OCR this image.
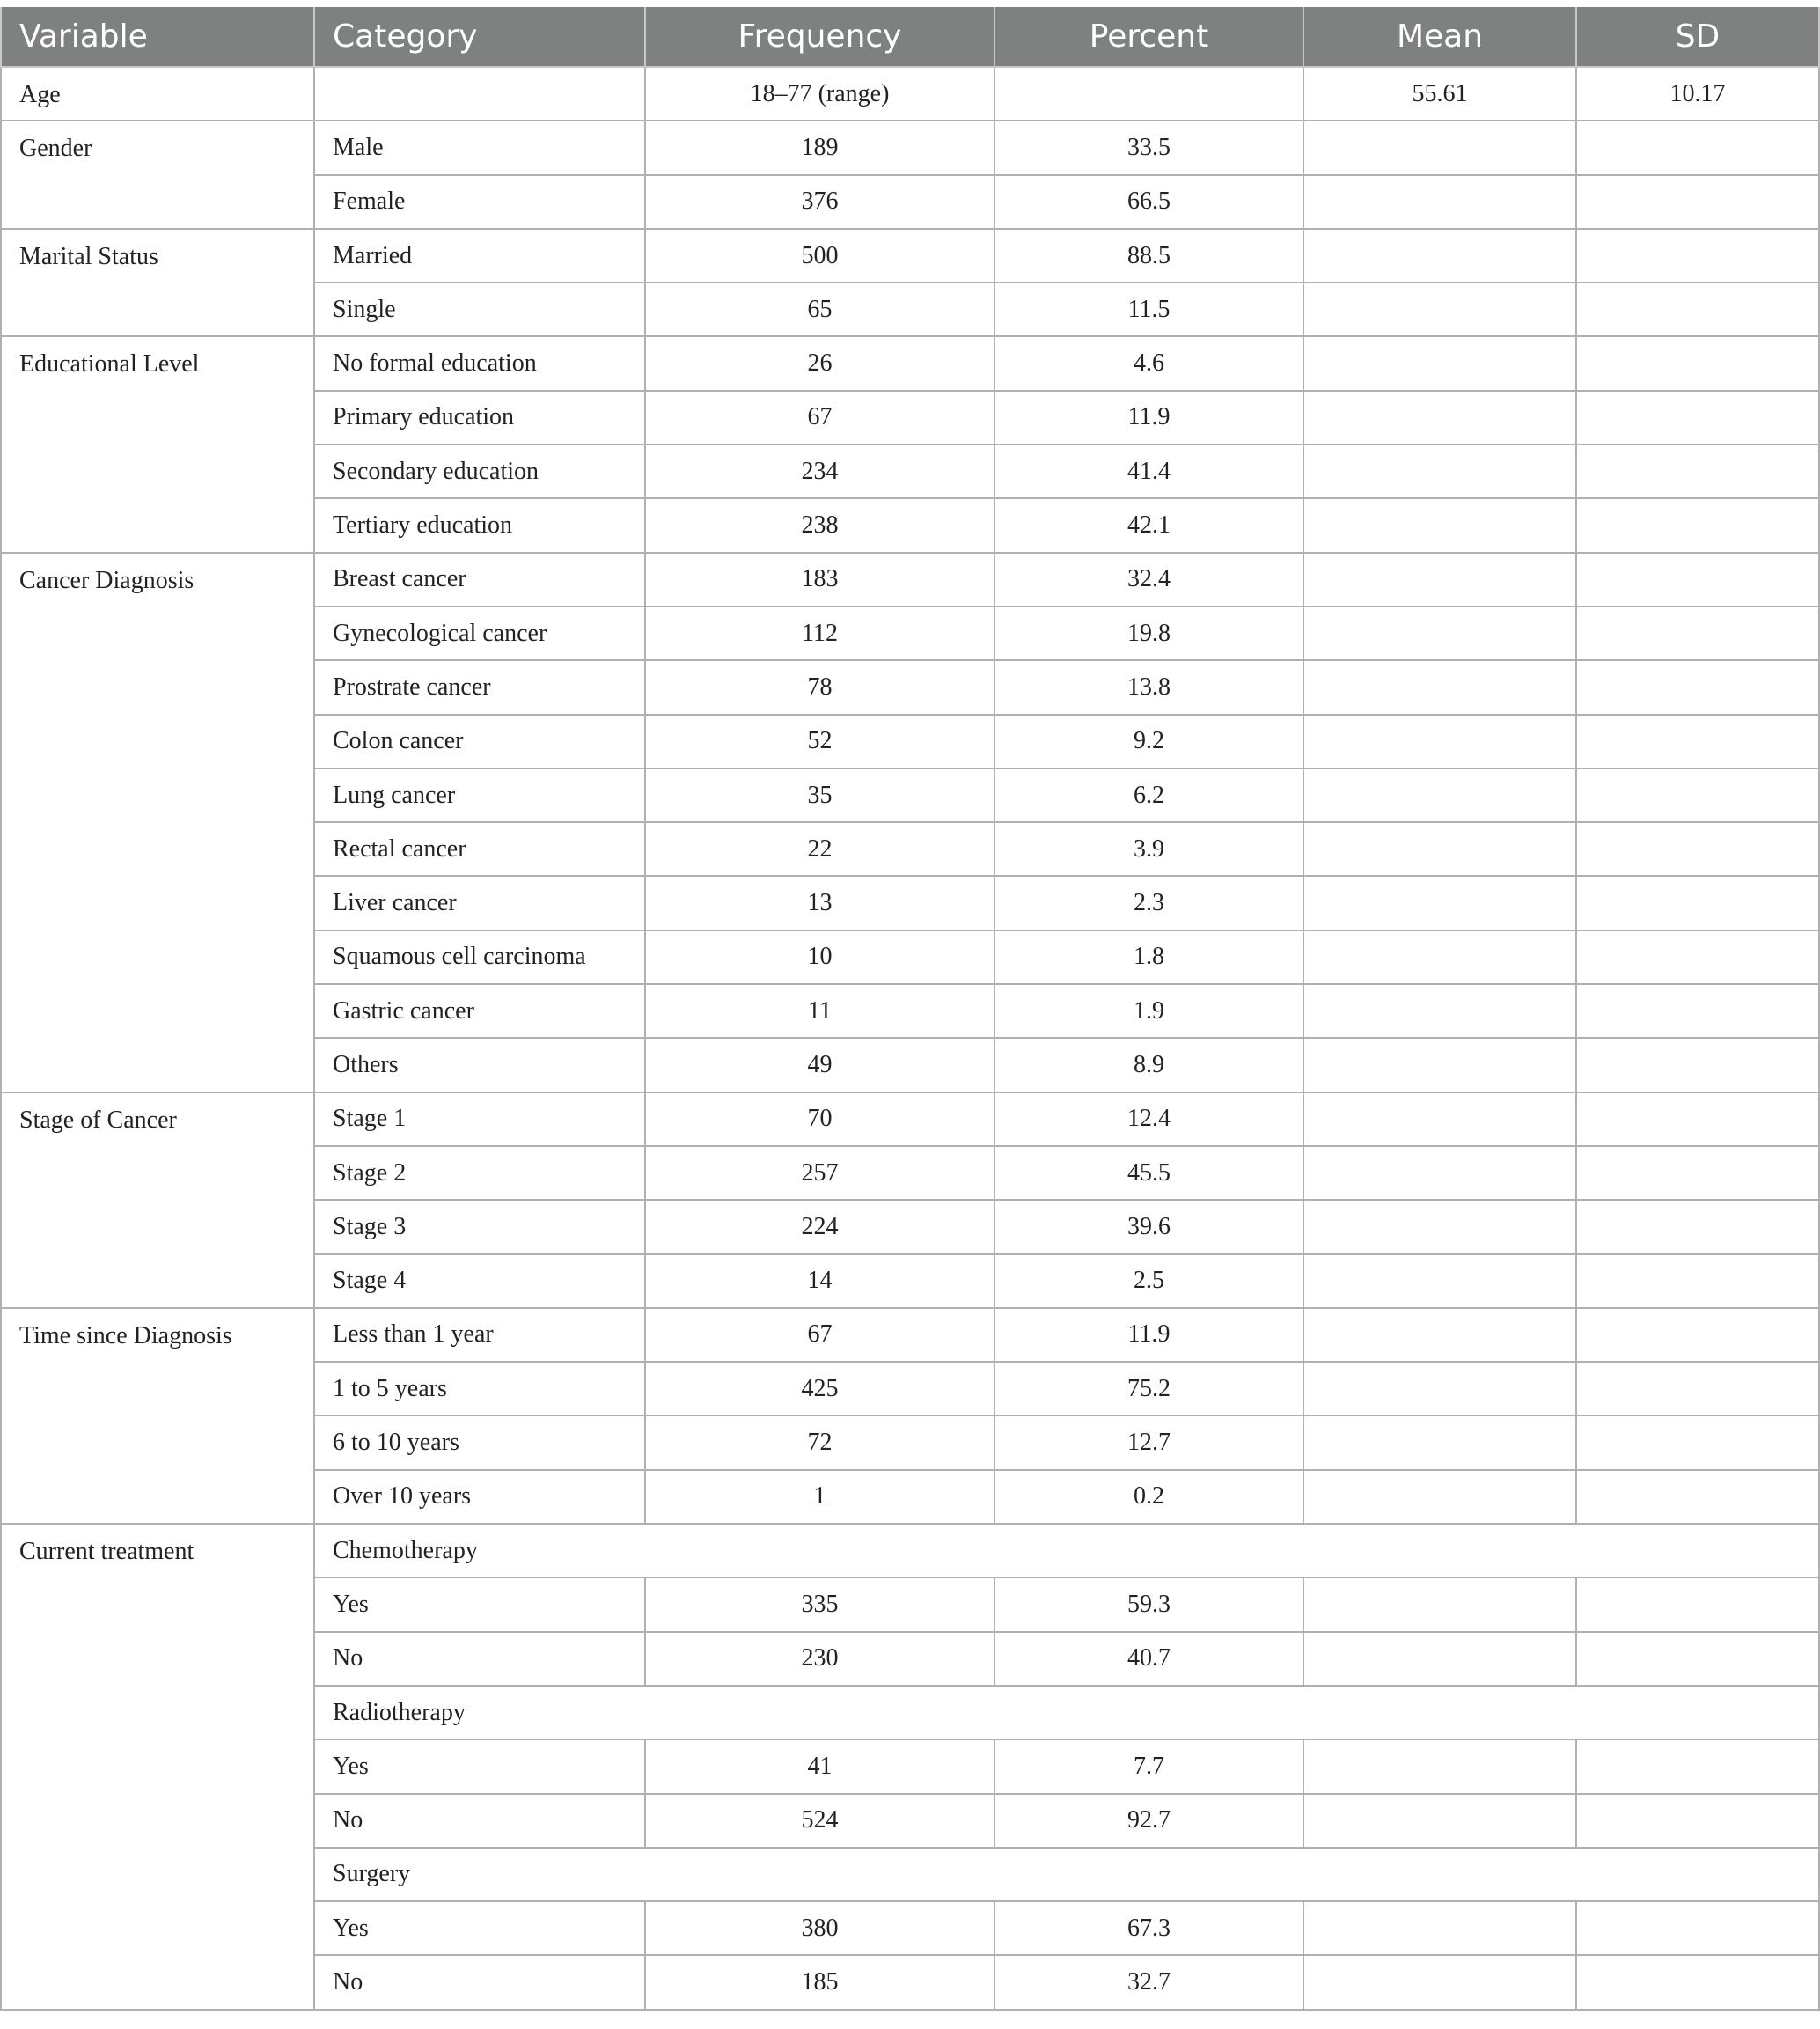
Variable	Category	Frequency	Percent	Mean	SD
Age		18–77 (range)		55.61	10.17
Gender	Male	189	33.5		
	Female	376	66.5		
Marital Status	Married	500	88.5		
	Single	65	11.5		
Educational Level	No formal education	26	4.6		
	Primary education	67	11.9		
	Secondary education	234	41.4		
	Tertiary education	238	42.1		
Cancer Diagnosis	Breast cancer	183	32.4		
	Gynecological cancer	112	19.8		
	Prostrate cancer	78	13.8		
	Colon cancer	52	9.2		
	Lung cancer	35	6.2		
	Rectal cancer	22	3.9		
	Liver cancer	13	2.3		
	Squamous cell carcinoma	10	1.8		
	Gastric cancer	11	1.9		
	Others	49	8.9		
Stage of Cancer	Stage 1	70	12.4		
	Stage 2	257	45.5		
	Stage 3	224	39.6		
	Stage 4	14	2.5		
Time since Diagnosis	Less than 1 year	67	11.9		
	1 to 5 years	425	75.2		
	6 to 10 years	72	12.7		
	Over 10 years	1	0.2		
Current treatment	Chemotherapy				
	Yes	335	59.3		
	No	230	40.7		
	Radiotherapy				
	Yes	41	7.7		
	No	524	92.7		
	Surgery				
	Yes	380	67.3		
	No	185	32.7		
